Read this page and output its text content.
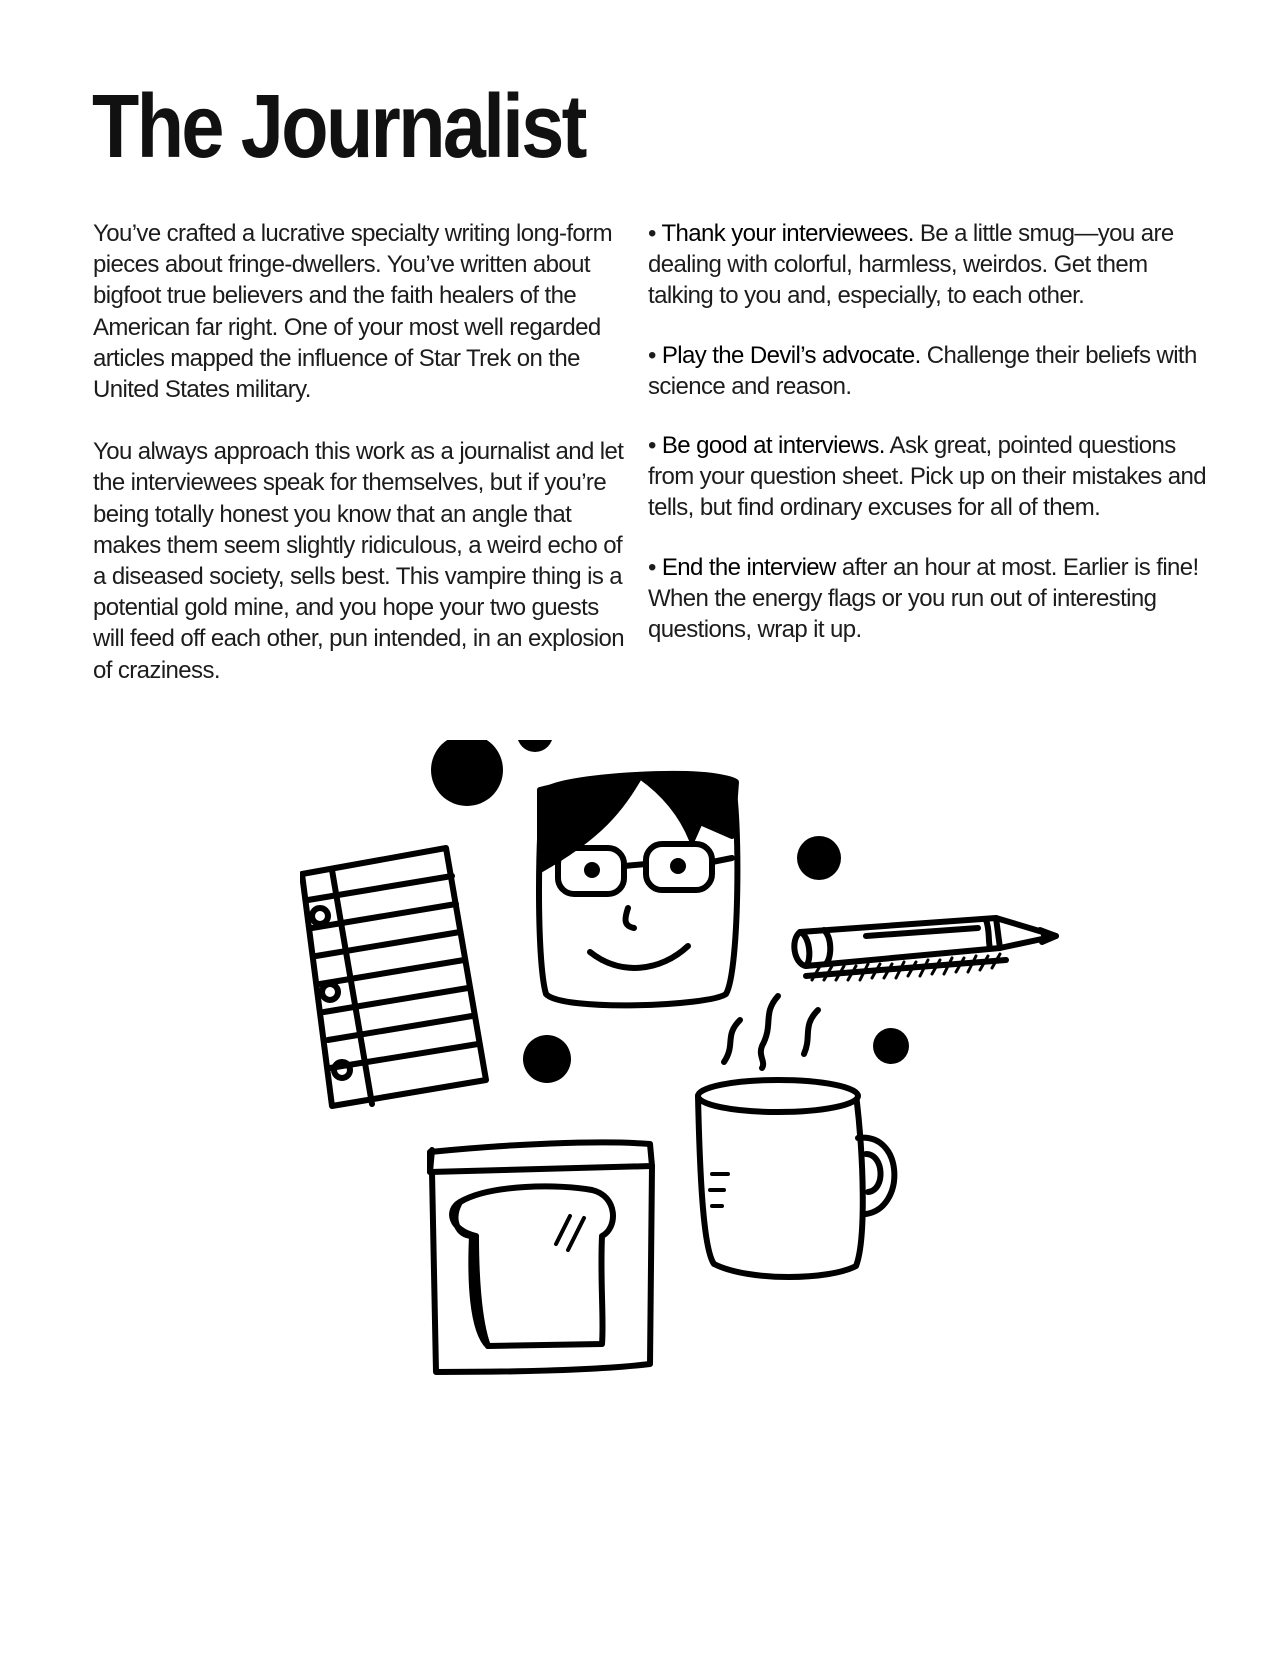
The Journalist

You’ve crafted a lucrative specialty writing long-form pieces about fringe-dwellers. You’ve written about bigfoot true believers and the faith healers of the American far right. One of your most well regarded articles mapped the influence of Star Trek on the United States military.

You always approach this work as a journalist and let the interviewees speak for themselves, but if you’re being totally honest you know that an angle that makes them seem slightly ridiculous, a weird echo of a diseased society, sells best. This vampire thing is a potential gold mine, and you hope your two guests will feed off each other, pun intended, in an explosion of craziness.

• Thank your interviewees. Be a little smug—you are dealing with colorful, harmless, weirdos. Get them talking to you and, especially, to each other.

• Play the Devil’s advocate. Challenge their beliefs with science and reason.

• Be good at interviews. Ask great, pointed questions from your question sheet. Pick up on their mistakes and tells, but find ordinary excuses for all of them.

• End the interview after an hour at most. Earlier is fine! When the energy flags or you run out of interesting questions, wrap it up.
